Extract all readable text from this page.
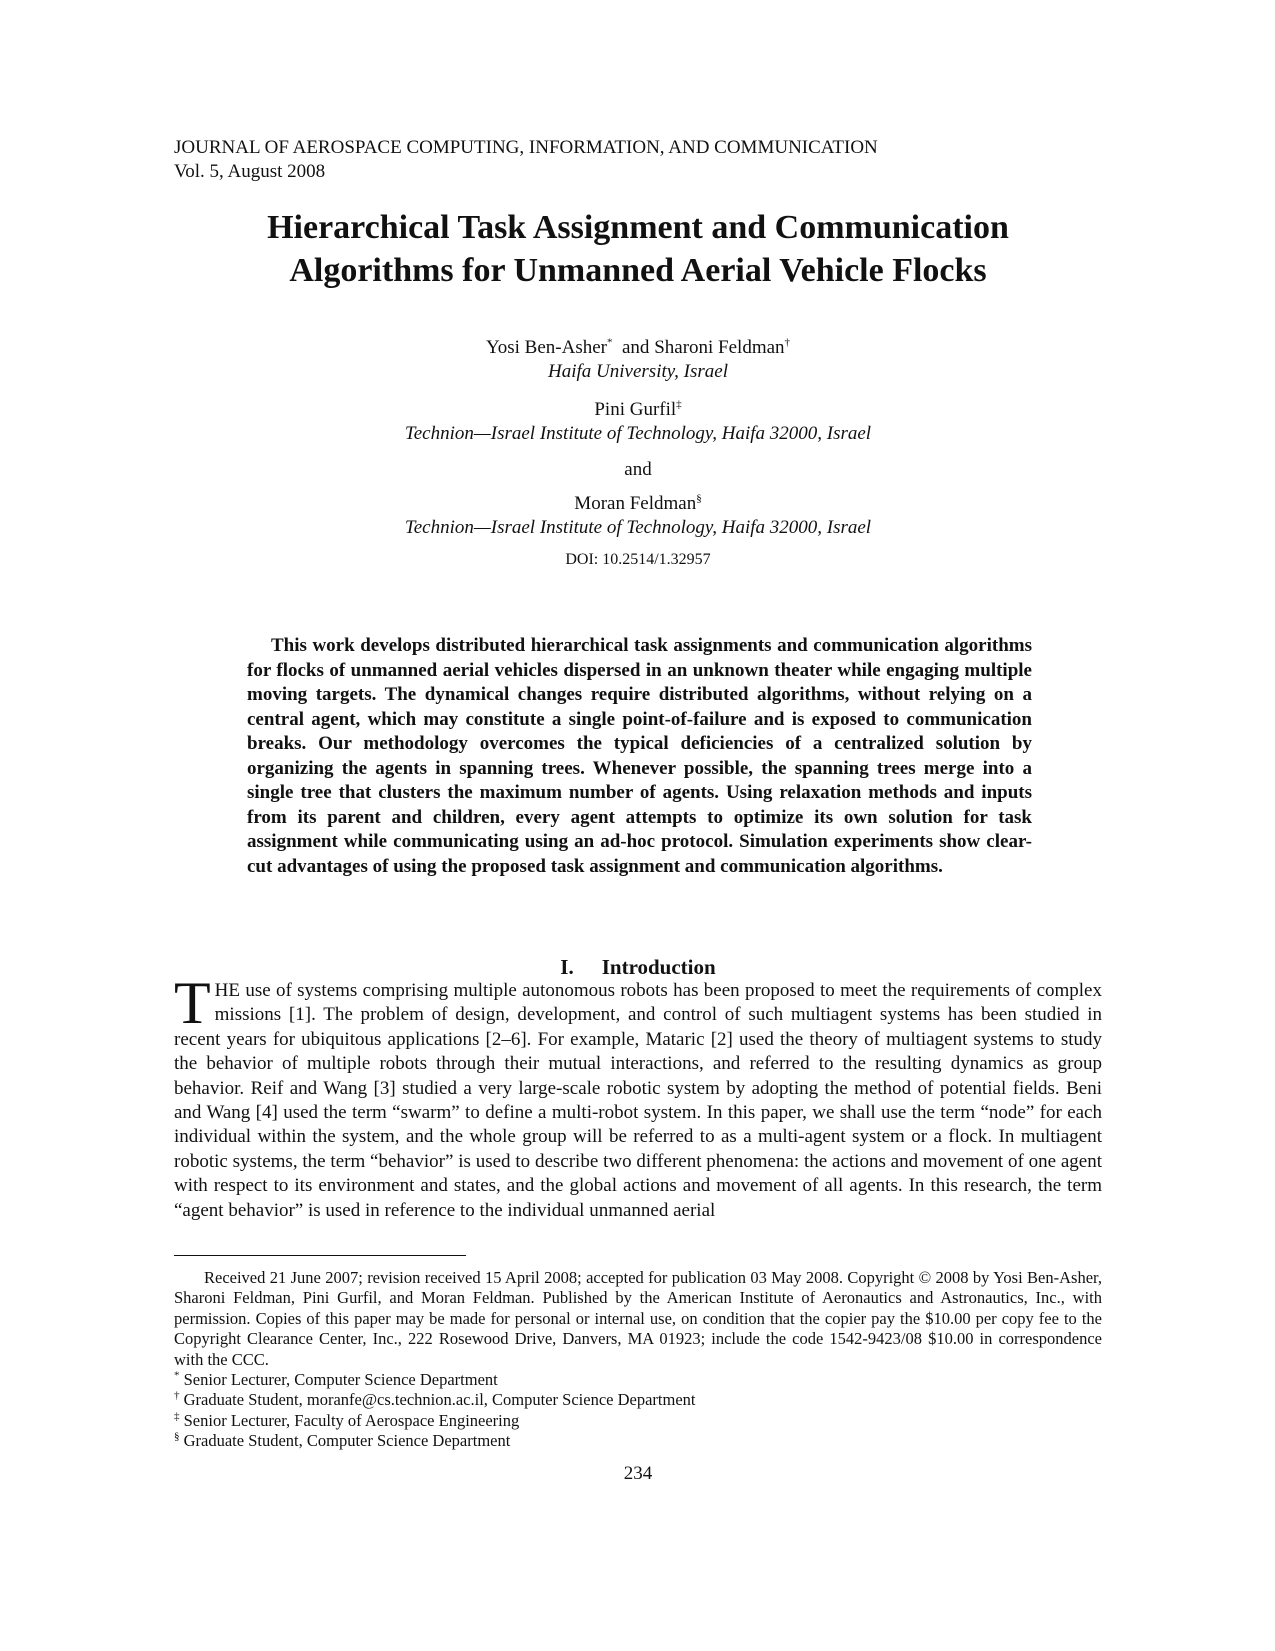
JOURNAL OF AEROSPACE COMPUTING, INFORMATION, AND COMMUNICATION
Vol. 5, August 2008
Hierarchical Task Assignment and Communication
Algorithms for Unmanned Aerial Vehicle Flocks
Yosi Ben-Asher*  and Sharoni Feldman†
Haifa University, Israel
Pini Gurfil‡
Technion—Israel Institute of Technology, Haifa 32000, Israel
and
Moran Feldman§
Technion—Israel Institute of Technology, Haifa 32000, Israel
DOI: 10.2514/1.32957
This work develops distributed hierarchical task assignments and communication algorithms for flocks of unmanned aerial vehicles dispersed in an unknown theater while engaging multiple moving targets. The dynamical changes require distributed algorithms, without relying on a central agent, which may constitute a single point-of-failure and is exposed to communication breaks. Our methodology overcomes the typical deficiencies of a centralized solution by organizing the agents in spanning trees. Whenever possible, the spanning trees merge into a single tree that clusters the maximum number of agents. Using relaxation methods and inputs from its parent and children, every agent attempts to optimize its own solution for task assignment while communicating using an ad-hoc protocol. Simulation experiments show clear-cut advantages of using the proposed task assignment and communication algorithms.
I. Introduction
THE use of systems comprising multiple autonomous robots has been proposed to meet the requirements of complex missions [1]. The problem of design, development, and control of such multiagent systems has been studied in recent years for ubiquitous applications [2–6]. For example, Mataric [2] used the theory of multiagent systems to study the behavior of multiple robots through their mutual interactions, and referred to the resulting dynamics as group behavior. Reif and Wang [3] studied a very large-scale robotic system by adopting the method of potential fields. Beni and Wang [4] used the term “swarm” to define a multi-robot system. In this paper, we shall use the term “node” for each individual within the system, and the whole group will be referred to as a multi-agent system or a flock. In multiagent robotic systems, the term “behavior” is used to describe two different phenomena: the actions and movement of one agent with respect to its environment and states, and the global actions and movement of all agents. In this research, the term “agent behavior” is used in reference to the individual unmanned aerial
Received 21 June 2007; revision received 15 April 2008; accepted for publication 03 May 2008. Copyright © 2008 by Yosi Ben-Asher, Sharoni Feldman, Pini Gurfil, and Moran Feldman. Published by the American Institute of Aeronautics and Astronautics, Inc., with permission. Copies of this paper may be made for personal or internal use, on condition that the copier pay the $10.00 per copy fee to the Copyright Clearance Center, Inc., 222 Rosewood Drive, Danvers, MA 01923; include the code 1542-9423/08 $10.00 in correspondence with the CCC.
* Senior Lecturer, Computer Science Department
† Graduate Student, moranfe@cs.technion.ac.il, Computer Science Department
‡ Senior Lecturer, Faculty of Aerospace Engineering
§ Graduate Student, Computer Science Department
234
